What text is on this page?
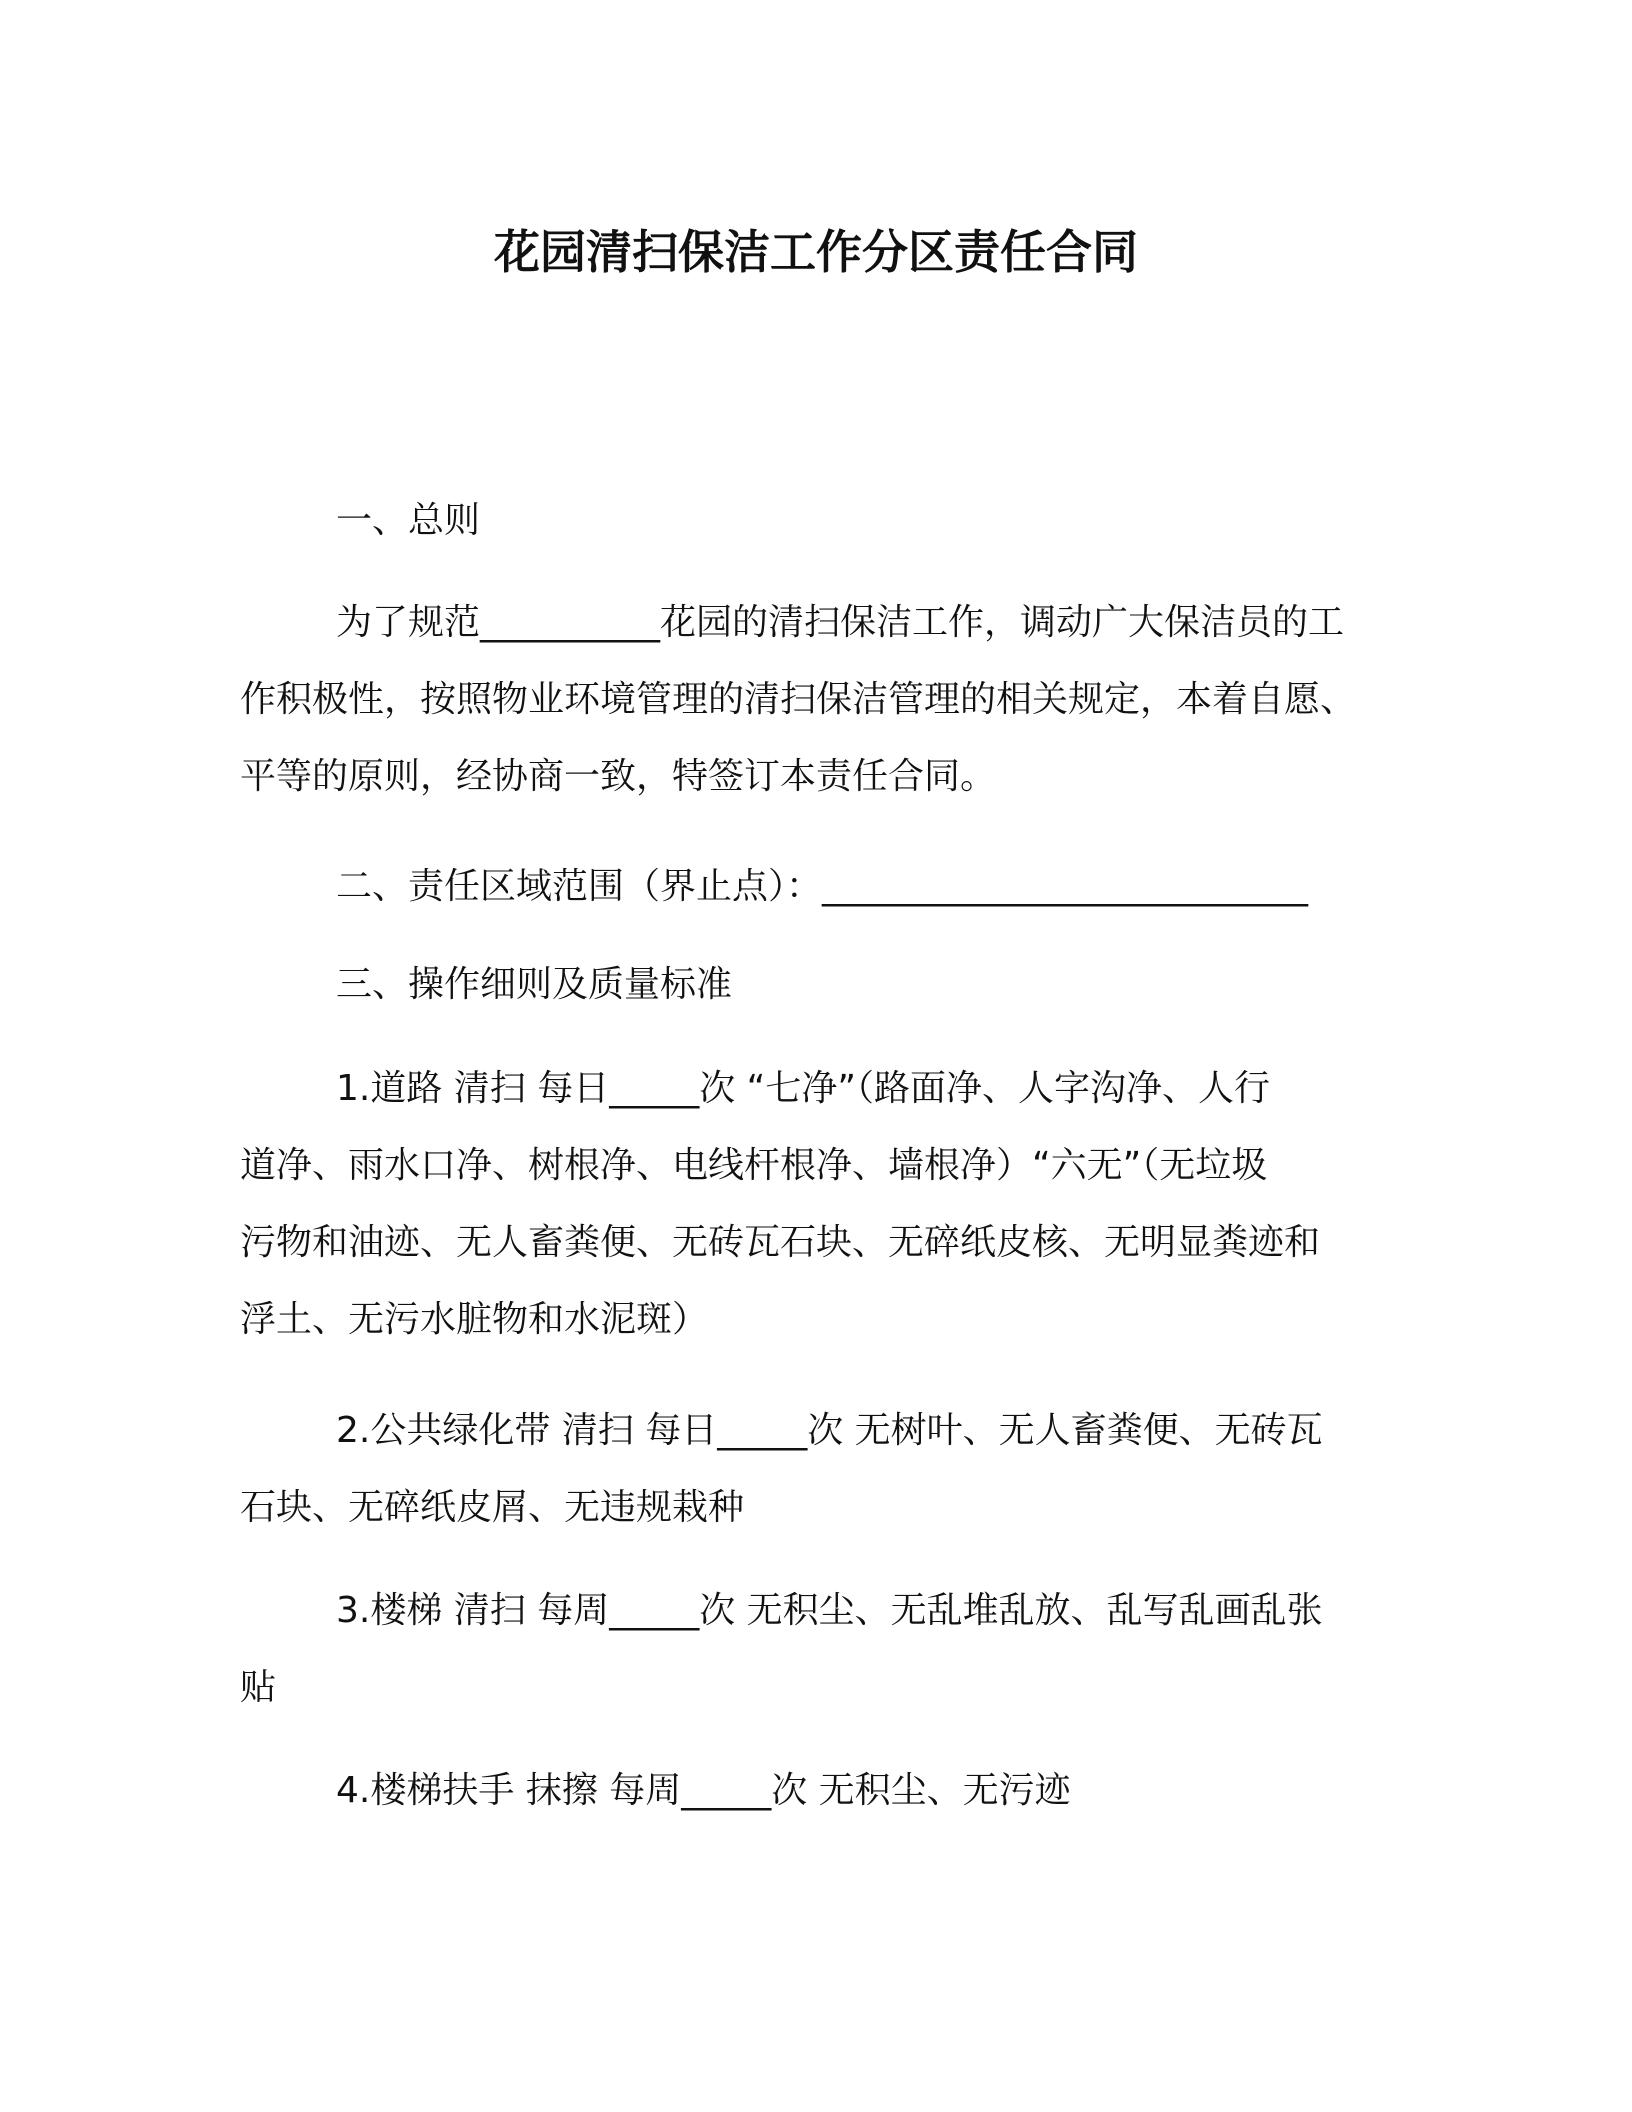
花园清扫保洁工作分区责任合同
一、总则
为了规范__________花园的清扫保洁工作，调动广大保洁员的工
作积极性，按照物业环境管理的清扫保洁管理的相关规定，本着自愿、
平等的原则，经协商一致，特签订本责任合同。
二、责任区域范围（界止点）：___________________________
三、操作细则及质量标准
1.道路 清扫 每日_____次 “七净”（路面净、人字沟净、人行
道净、雨水口净、树根净、电线杆根净、墙根净）“六无”（无垃圾
污物和油迹、无人畜粪便、无砖瓦石块、无碎纸皮核、无明显粪迹和
浮土、无污水脏物和水泥斑）
2.公共绿化带 清扫 每日_____次 无树叶、无人畜粪便、无砖瓦
石块、无碎纸皮屑、无违规栽种
3.楼梯 清扫 每周_____次 无积尘、无乱堆乱放、乱写乱画乱张
贴
4.楼梯扶手 抹擦 每周_____次 无积尘、无污迹
